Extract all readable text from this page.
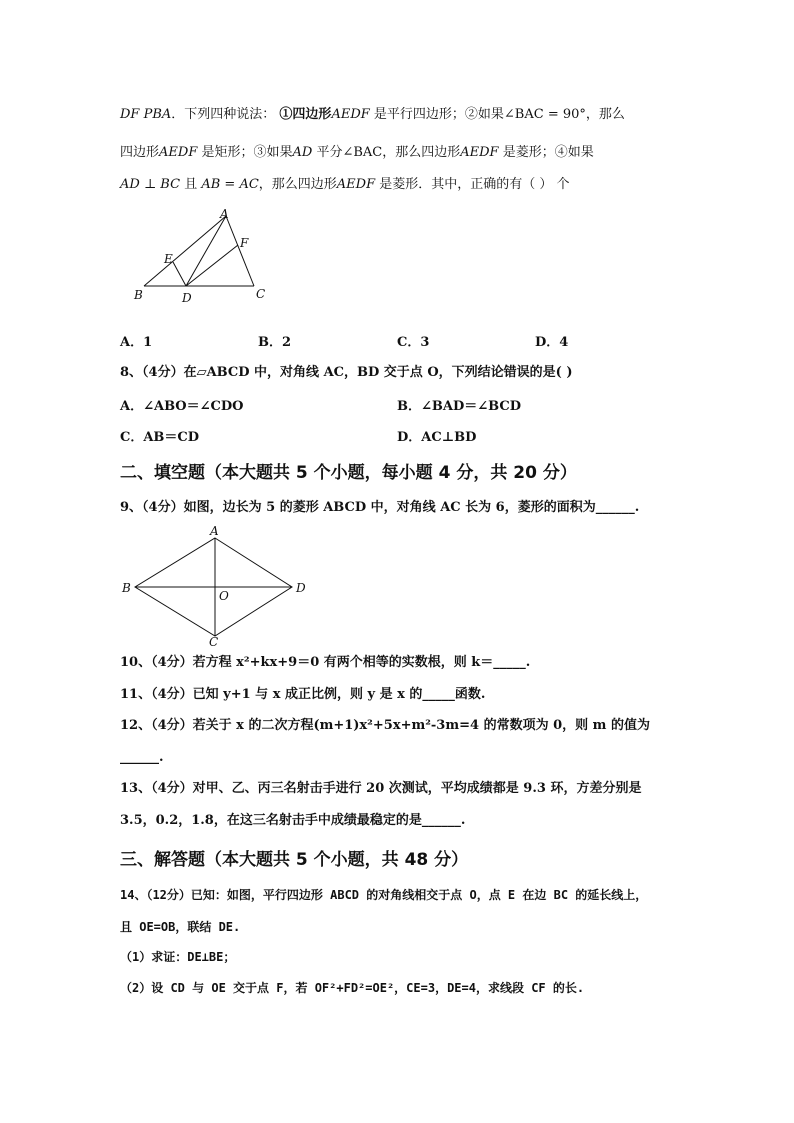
DF PBA．下列四种说法： ①四边形AEDF 是平行四边形；②如果∠BAC = 90°，那么
四边形AEDF 是矩形；③如果AD 平分∠BAC，那么四边形AEDF 是菱形；④如果
AD ⊥ BC 且 AB = AC，那么四边形AEDF 是菱形．其中，正确的有（ ） 个
A
B	C
D
E
F
A．1	B．2	C．3	D．4
8、（4分）在▱ABCD 中，对角线 AC，BD 交于点 O，下列结论错误的是( )
A．∠ABO＝∠CDO	B．∠BAD＝∠BCD
C．AB＝CD	D．AC⊥BD
二、填空题（本大题共 5 个小题，每小题 4 分，共 20 分）
9、（4分）如图，边长为 5 的菱形 ABCD 中，对角线 AC 长为 6，菱形的面积为______.
A
B
C
D
O
10、（4分）若方程 x²+kx+9＝0 有两个相等的实数根，则 k＝_____.
11、（4分）已知 y+1 与 x 成正比例，则 y 是 x 的_____函数.
12、（4分）若关于 x 的二次方程(m+1)x²+5x+m²-3m=4 的常数项为 0，则 m 的值为
______.
13、（4分）对甲、乙、丙三名射击手进行 20 次测试，平均成绩都是 9.3 环，方差分别是
3.5，0.2，1.8，在这三名射击手中成绩最稳定的是______.
三、解答题（本大题共 5 个小题，共 48 分）
14、（12分）已知：如图，平行四边形 ABCD 的对角线相交于点 O，点 E 在边 BC 的延长线上，
且 OE=OB，联结 DE.
（1）求证：DE⊥BE；
（2）设 CD 与 OE 交于点 F，若 OF²+FD²=OE²，CE=3，DE=4，求线段 CF 的长.
